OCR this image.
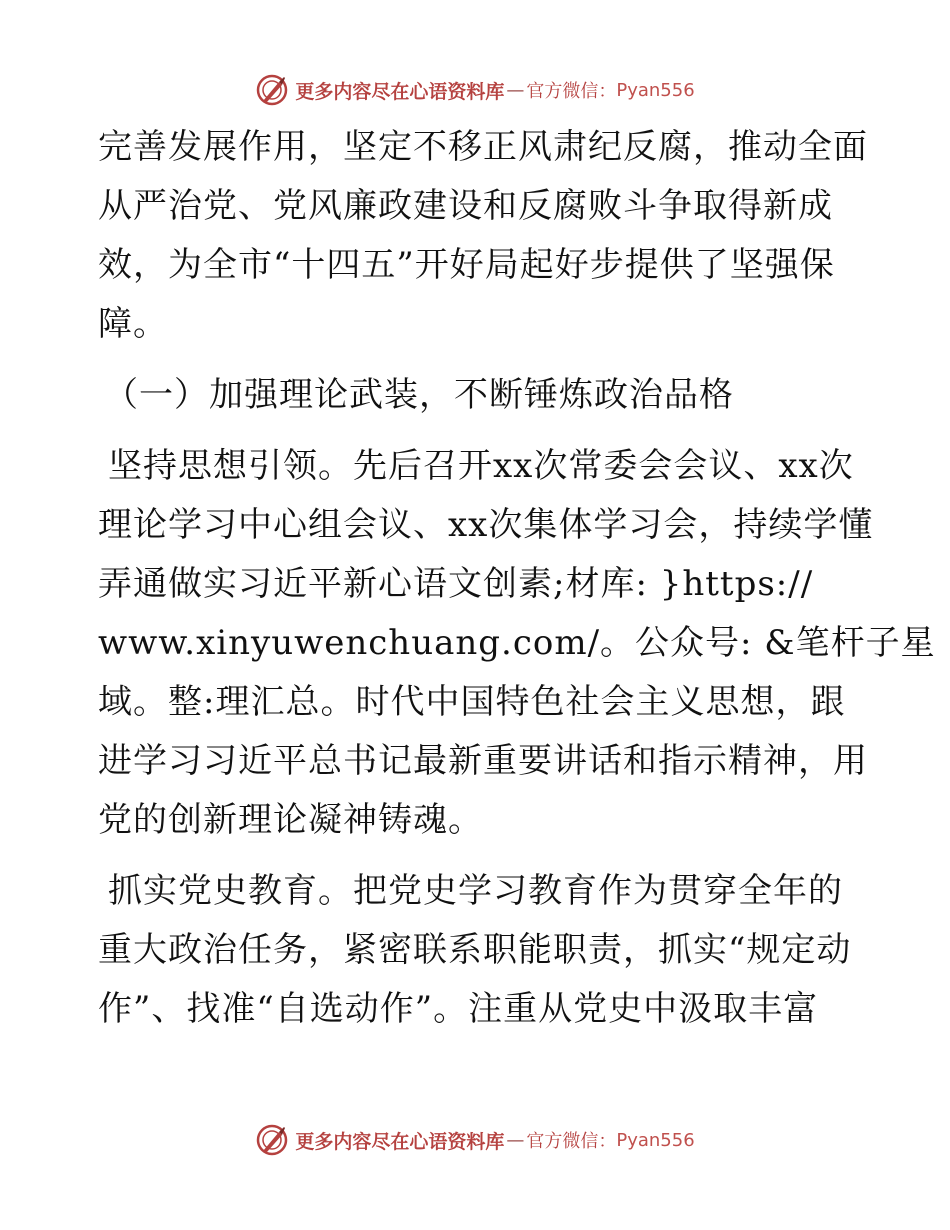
更多内容尽在心语资料库 — 官方微信： Pyan556
完善发展作用，坚定不移正风肃纪反腐，推动全面
从严治党、党风廉政建设和反腐败斗争取得新成
效，为全市“十四五”开好局起好步提供了坚强保
障。
（一）加强理论武装，不断锤炼政治品格
坚持思想引领。先后召开xx次常委会会议、xx次
理论学习中心组会议、xx次集体学习会，持续学懂
弄通做实习近平新心语文创素;材库: }https://
www.xinyuwenchuang.com/。公众号: &笔杆子星
域。整:理汇总。时代中国特色社会主义思想，跟
进学习习近平总书记最新重要讲话和指示精神，用
党的创新理论凝神铸魂。
抓实党史教育。把党史学习教育作为贯穿全年的
重大政治任务，紧密联系职能职责，抓实“规定动
作”、找准“自选动作”。注重从党史中汲取丰富
更多内容尽在心语资料库 — 官方微信： Pyan556
